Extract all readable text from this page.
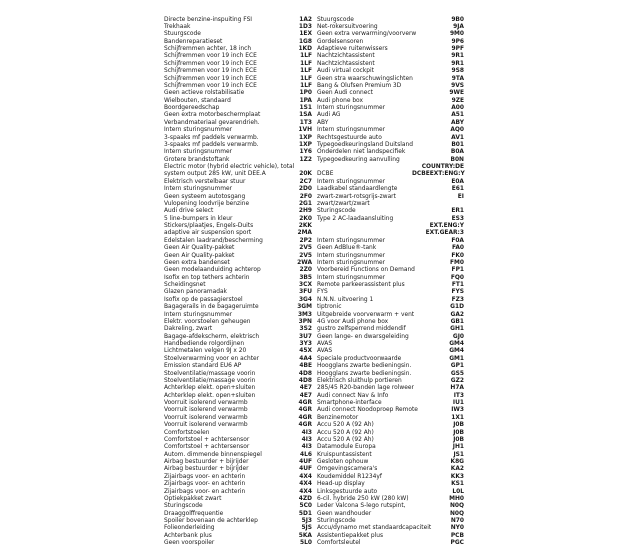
Directe benzine-inspuiting FSI	1A2 Stuurgscode	9B0
Trekhaak	1D3 Net-rokersuitvoering	9JA
Stuurgscode	1EX Geen extra verwarming/voorverw	9M0
Bandenreparatieset	1G8 Gordelsensoren	9P6
Schijfremmen achter, 18 inch	1KD Adaptieve ruitenwissers	9PF
Schijfremmen voor 19 inch ECE	1LF Nachtzichtassistent	9R1
Schijfremmen voor 19 inch ECE	1LF Nachtzichtassistent	9R1
Schijfremmen voor 19 inch ECE	1LF Audi virtual cockpit	9S8
Schijfremmen voor 19 inch ECE	1LF Geen stra waarschuwingslichten	9TA
Schijfremmen voor 19 inch ECE	1LF Bang & Olufsen Premium 3D	9VS
Geen actieve rolstabilisatie	1P0 Geen Audi connect	9WE
Wielbouten, standaard	1PA Audi phone box	9ZE
Boordgereedschap	1S1 Intern sturingsnummer	A00
Geen extra motorbeschermplaat	1SA Audi AG	A51
Verbandmateriaal gevarendrieh.	1T3 ABY	ABY
Intern sturingsnummer	1VH Intern sturingsnummer	AQ0
3-spaaks mf paddels verwarmb.	1XP Rechtsgestuurde auto	AV1
3-spaaks mf paddels verwarmb.	1XP Typegoedkeuringsland Duitsland	B01
Intern sturingsnummer	1Y6 Onderdelen niet landspecifiek	B0A
Grotere brandstoftank	1Z2 Typegoedkeuring aanvulling	B0N
Electric motor (hybrid electric vehicle), total	COUNTRY:DE
system output 285 kW, unit DEE.A	20K DCBE	DCBEEXT:ENG:Y
Elektrisch verstelbaar stuur	2C7 Intern sturingsnummer	E0A
Intern sturingsnummer	2D0 Laadkabel standaardlengte	E61
Geen systeem autotosgang	2F0 zwart-zwart-rotsgrijs-zwart	EI
Vulopening loodvrije benzine	2G1 zwart/zwart/zwart
Audi drive select	2H9 Sturingscode	ER1
5 line-bumpers in kleur	2K0 Type 2 AC-laadaansluiting	ES3
Stickers/plaatjes, Engels-Duits	2KK	EXT.ENG:Y
adaptive air suspension sport	2MA	EXT.GEAR:3
Edelstalen laadrand/bescherming	2P2 Intern sturingsnummer	F0A
Geen Air Quality-pakket	2V5 Geen AdBlue®-tank	FA0
Geen Air Quality-pakket	2V5 Intern sturingsnummer	FK0
Geen extra bandenset	2WA Intern sturingsnummer	FM0
Geen modelaanduiding achterop	2Z0 Voorbereid Functions on Demand	FP1
Isofix en top tethers achterin	3B5 Intern sturingsnummer	FQ0
Scheidingsnet	3CX Remote parkeerassistent plus	FT1
Glazen panoramadak	3FU FYS	FYS
Isofix op de passagierstoel	3G4 N.N.N. uitvoering 1	FZ3
Bagagerails in de bagageruimte	3GM tiptronic	G1D
Intern sturingsnummer	3M3 Uitgebreide voorverwarm + vent	GA2
Elektr. voorstoelen geheugen	3PN 4G voor Audi phone box	GB1
Dakreling, zwart	3S2 gustro zelfsperrend middendif	GH1
Bagage-afdekscherm, elektrisch	3U7 Geen lange- en dwarsgeleiding	GJ0
Handbediende rolgordijnen	3Y3 AVAS	GM4
Lichtmetalen velgen 9J x 20	45X AVAS	GM4
Stoelverwarming voor en achter	4A4 Speciale productvoorwaarde	GM1
Emission standard EU6 AP	4BE Hoogglans zwarte bedieningsin.	GP1
Stoelventilatie/massage voorin	4D8 Hoogglans zwarte bedieningsin.	GS5
Stoelventilatie/massage voorin	4D8 Elektrisch sluithulp portieren	GZ2
Achterklep elekt. open+sluiten	4E7 285/45 R20-banden lage rolweer	H7A
Achterklep elekt. open+sluiten	4E7 Audi connect Nav & Info	IT3
Voorruit isolerend verwarmb	4GR Smartphone-interface	IU1
Voorruit isolerend verwarmb	4GR Audi connect Noodoproep Remote	IW3
Voorruit isolerend verwarmb	4GR Benzinemotor	1X1
Voorruit isolerend verwarmb	4GR Accu 520 A (92 Ah)	J0B
Comfortstoelen	4I3 Accu 520 A (92 Ah)	J0B
Comfortstoel + achtersensor	4I3 Accu 520 A (92 Ah)	J0B
Comfortstoel + achtersensor	4I3 Datamodule Europa	JH1
Autom. dimmende binnenspiegel	4L6 Kruispuntassistent	JS1
Airbag bestuurder + bijrijder	4UF Gesloten ophouw	K8G
Airbag bestuurder + bijrijder	4UF Omgevingscamera's	KA2
Zijairbags voor- en achterin	4X4 Koudemiddel R1234yf	KK3
Zijairbags voor- en achterin	4X4 Head-up display	KS1
Zijairbags voor- en achterin	4X4 Linksgestuurde auto	L0L
Optiekpakket zwart	4ZD 6-cil. hybride 250 kW (280 kW)	MH0
Sturingscode	5C0 Leder Valcona S-lego rutspint,	N0Q
Draaggolffrequentie	5D1 Geen wandhouder	N0Q
Spoiler bovenaan de achterklep	5J3 Sturingscode	N70
Folieonderleiding	5JS Accu/dynamo met standaardcapaciteit	NY0
Achterbank plus	5KA Assistentiepakket plus	PCB
Geen voorspoiler	5L0 Comfortsleutel	PGC
